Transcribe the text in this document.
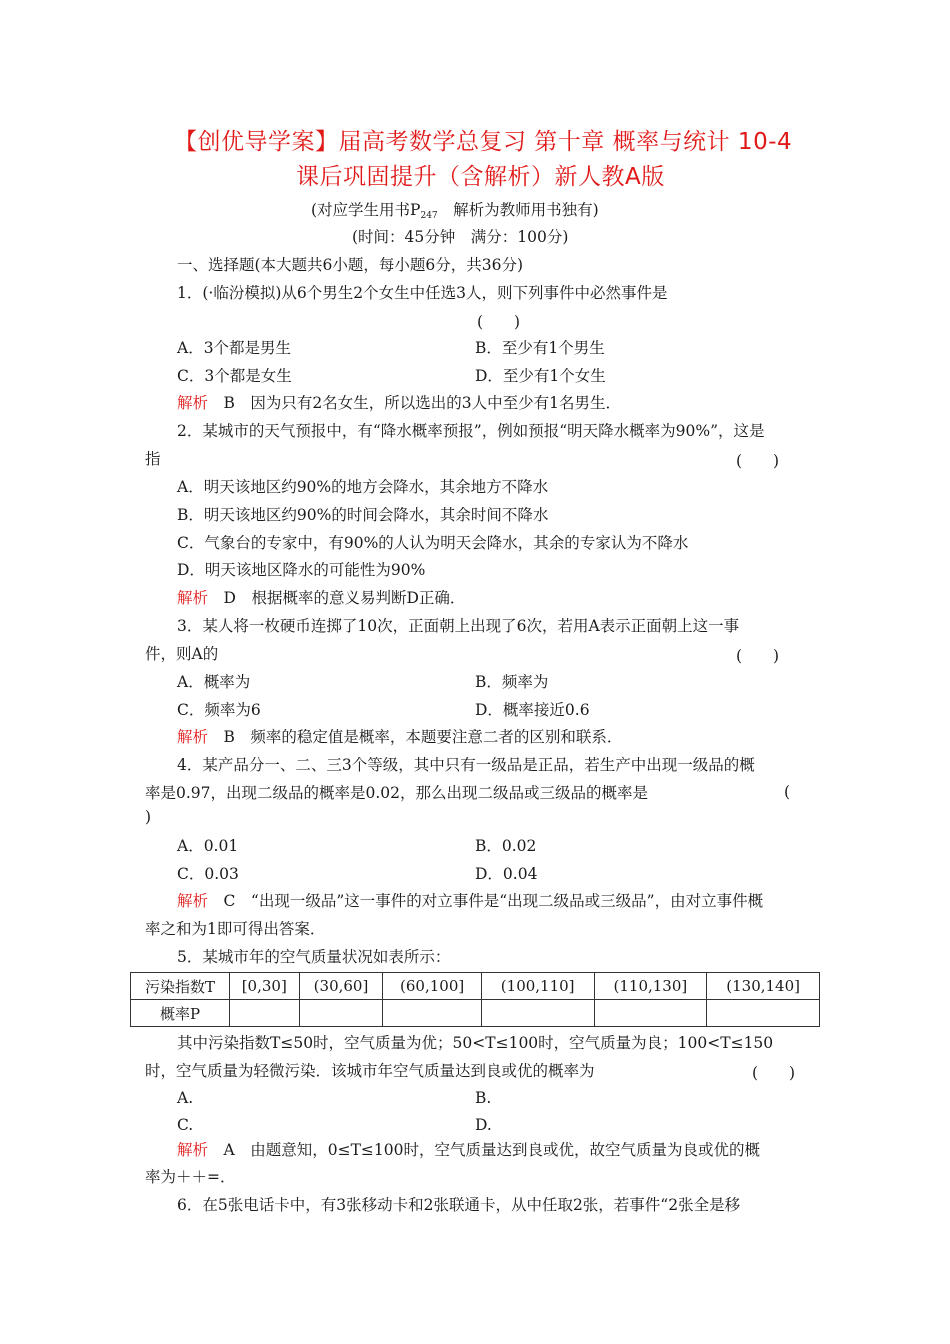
【创优导学案】届高考数学总复习 第十章 概率与统计 10-4
课后巩固提升（含解析）新人教A版
(对应学生用书$P_{247}$　解析为教师用书独有)
(时间：45分钟　满分：100分)
一、选择题(本大题共6小题，每小题6分，共36分)
1．(·临汾模拟)从6个男生2个女生中任选3人，则下列事件中必然事件是
(　　)
A．3个都是男生	B．至少有1个男生
C．3个都是女生	D．至少有1个女生
解析　 B　因为只有2名女生，所以选出的3人中至少有1名男生．
2．某城市的天气预报中，有“降水概率预报”，例如预报“明天降水概率为90%”，这是
指	(　　)
A．明天该地区约90%的地方会降水，其余地方不降水
B．明天该地区约90%的时间会降水，其余时间不降水
C．气象台的专家中，有90%的人认为明天会降水，其余的专家认为不降水
D．明天该地区降水的可能性为90%
解析　 D　根据概率的意义易判断D正确．
3．某人将一枚硬币连掷了10次，正面朝上出现了6次，若用A表示正面朝上这一事
件，则A的	(　　)
A．概率为	B．频率为
C．频率为6	D．概率接近0.6
解析　 B　频率的稳定值是概率，本题要注意二者的区别和联系．
4．某产品分一、二、三3个等级，其中只有一级品是正品，若生产中出现一级品的概
率是0.97，出现二级品的概率是0.02，那么出现二级品或三级品的概率是	(
)
A．0.01	B．0.02
C．0.03	D．0.04
解析　 C　“出现一级品”这一事件的对立事件是“出现二级品或三级品”，由对立事件概
率之和为1即可得出答案．
5．某城市年的空气质量状况如表所示：
污染指数T	[0,30]	(30,60]	(60,100]	(100,110]	(110,130]	(130,140]
概率P						
其中污染指数T≤50时，空气质量为优；50<T≤100时，空气质量为良；100<T≤150
时，空气质量为轻微污染．该城市年空气质量达到良或优的概率为	(　　)
A.	B.
C.	D.
解析　 A　由题意知，0≤T≤100时，空气质量达到良或优，故空气质量为良或优的概
率为＋＋=．
6．在5张电话卡中，有3张移动卡和2张联通卡，从中任取2张，若事件“2张全是移
